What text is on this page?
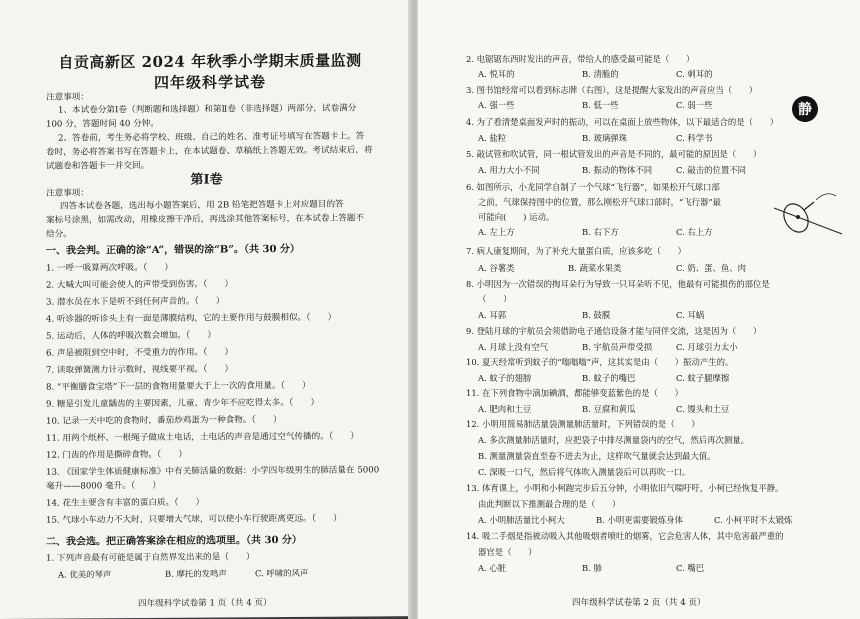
自贡高新区 2024 年秋季小学期末质量监测
四年级科学试卷
注意事项：
1、本试卷分第Ⅰ卷（判断题和选择题）和第Ⅱ卷（非选择题）两部分，试卷满分
100 分，答题时间 40 分钟。
2、答卷前，考生务必将学校、班级、自己的姓名、准考证号填写在答题卡上。答
卷时，务必将答案书写在答题卡上，在本试题卷、草稿纸上答题无效。考试结束后，将
试题卷和答题卡一并交回。
第Ⅰ卷
注意事项：
四答本试卷各题，选出每小题答案后，用 2B 铅笔把答题卡上对应题目的答
案标号涂黑，如需改动，用橡皮擦干净后，再选涂其他答案标号，在本试卷上答题不
给分。
一、我会判。正确的涂“A”，错误的涂“B”。（共 30 分）
1. 一呼一吸算两次呼吸。（　　）
2. 大喊大叫可能会使人的声带受到伤害。（　　）
3. 潜水员在水下是听不到任何声音的。（　　）
4. 听诊器的听诊头上有一面是薄膜结构，它的主要作用与鼓膜相似。（　　）
5. 运动后，人体的呼吸次数会增加。（　　）
6. 声是被阻到空中时，不受重力的作用。（　　）
7. 读取弹簧测力计示数时，视线要平视。（　　）
8. “平衡膳食宝塔”下一层的食物用量要大于上一次的食用量。（　　）
9. 糖是引发儿童龋齿的主要因素，儿童、青少年不应吃得太多。（　　）
10. 记录一天中吃的食物时，番茄炒鸡蛋为一种食物。（　　）
11. 用两个纸杯、一根绳子做成土电话，土电话的声音是通过空气传播的。（　　）
12. 门齿的作用是撕碎食物。（　　）
13. 《国家学生体质健康标准》中有关肺活量的数据：小学四年级男生的肺活量在 5000
毫升——8000 毫升。（　　）
14. 花生主要含有丰富的蛋白质。（　　）
15. 气球小车动力不大时，只要增大气球，可以使小车行驶距离更远。（　　）
二、我会选。把正确答案涂在相应的选项里。（共 30 分）
1. 下列声音最有可能是属于自然界发出来的是（　　）
A. 优美的琴声	B. 摩托的发鸣声	C. 呼啸的风声
四年级科学试卷第 1 页（共 4 页）
2. 电锯锯东西时发出的声音，带给人的感受最可能是（　　）
A. 悦耳的	B. 清脆的	C. 刺耳的
3. 图书馆经常可以看到标志牌（右图），这是提醒大家发出的声音应当（　　）
A. 强一些	B. 低一些	C. 弱一些	静
4. 为了看清楚桌面发声时的振动，可以在桌面上放些物体，以下最适合的是（　　）
A. 盐粒	B. 玻璃弹珠	C. 科学书
5. 敲试管和吹试管，同一根试管发出的声音是不同的，最可能的原因是（　　）
A. 用力大小不同	B. 振动的物体不同	C. 敲击的位置不同
6. 如图所示，小龙同学自制了一个气球“飞行器”，如果松开气球口部
之前，气球保持图中的位置，那么刚松开气球口部时，“飞行器”最
可能向(　　) 运动。
A. 左上方	B. 右下方	C. 右上方
7. 病人康复期间，为了补充大量蛋白质，应该多吃（　　）
A. 谷薯类	B. 蔬菜水果类	C. 奶、蛋、鱼、肉
8. 小明因为一次错误的掏耳朵行为导致一只耳朵听不见，他最有可能损伤的部位是
（　　）
A. 耳郭	B. 鼓膜	C. 耳蜗
9. 登陆月球的宇航员会须借助电子通信设备才能与同伴交流，这是因为（　　）
A. 月球上没有空气	B. 宇航员声带受损	C. 月球引力太小
10. 夏天经常听到蚊子的“嗡嗡嗡”声，这其实是由（　　）振动产生的。
A. 蚊子的翅膀	B. 蚊子的嘴巴	C. 蚊子腿摩擦
11. 在下列食物中滴加碘酒，都能够变蓝紫色的是（　　）
A. 肥肉和土豆	B. 豆腐和黄瓜	C. 馒头和土豆
12. 小明用简易肺活量袋测量肺活量时，下列错误的是（　　）
A. 多次测量肺活量时，应把袋子中排尽测量袋内的空气，然后再次测量。
B. 测量测量袋直至卷不进去为止，这样吹气量就会达到最大值。
C. 深吸一口气，然后将气体吹入测量袋后可以再吹一口。
13. 体育课上，小明和小柯跑完步后五分钟，小明依旧气喘吁吁，小柯已经恢复平静。
由此判断以下推测最合理的是（　　）
A. 小明肺活量比小柯大	B. 小明更需要锻炼身体	C. 小柯平时不太锻炼
14. 吸二手烟是指被动吸入其他吸烟者喷吐的烟雾，它会危害人体，其中危害最严重的
器官是（　　）
A. 心脏	B. 肺	C. 嘴巴
四年级科学试卷第 2 页（共 4 页）
